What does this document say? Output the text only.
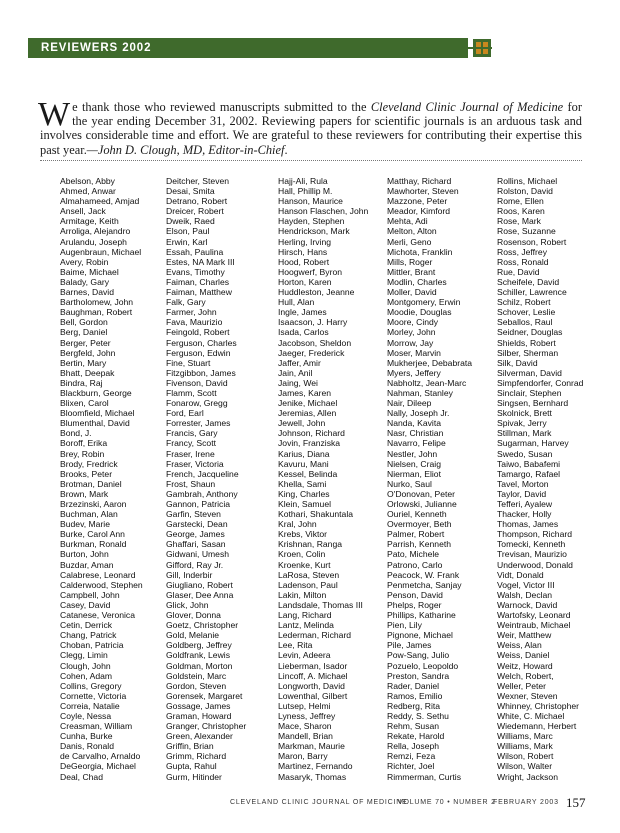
REVIEWERS 2002
We thank those who reviewed manuscripts submitted to the Cleveland Clinic Journal of Medicine for the year ending December 31, 2002. Reviewing papers for scientific journals is an arduous task and involves considerable time and effort. We are grateful to these reviewers for contributing their expertise this past year.—John D. Clough, MD, Editor-in-Chief.
Abelson, Abby
Ahmed, Anwar
Almahameed, Amjad
Ansell, Jack
Armitage, Keith
Arroliga, Alejandro
Arulandu, Joseph
Augenbraun, Michael
Avery, Robin
Baime, Michael
Balady, Gary
Barnes, David
Bartholomew, John
Baughman, Robert
Bell, Gordon
Berg, Daniel
Berger, Peter
Bergfeld, John
Bertin, Mary
Bhatt, Deepak
Bindra, Raj
Blackburn, George
Blixen, Carol
Bloomfield, Michael
Blumenthal, David
Bond, J.
Boroff, Erika
Brey, Robin
Brody, Fredrick
Brooks, Peter
Brotman, Daniel
Brown, Mark
Brzezinski, Aaron
Buchman, Alan
Budev, Marie
Burke, Carol Ann
Burkman, Ronald
Burton, John
Buzdar, Aman
Calabrese, Leonard
Calderwood, Stephen
Campbell, John
Casey, David
Catanese, Veronica
Cetin, Derrick
Chang, Patrick
Choban, Patricia
Clegg, Limin
Clough, John
Cohen, Adam
Collins, Gregory
Cornette, Victoria
Correia, Natalie
Coyle, Nessa
Creasman, William
Cunha, Burke
Danis, Ronald
de Carvalho, Arnaldo
DeGeorgia, Michael
Deal, Chad
Deitcher, Steven
Desai, Smita
Detrano, Robert
Dreicer, Robert
Dweik, Raed
Elson, Paul
Erwin, Karl
Essah, Paulina
Estes, NA Mark III
Evans, Timothy
Faiman, Charles
Faiman, Matthew
Falk, Gary
Farmer, John
Fava, Maurizio
Feingold, Robert
Ferguson, Charles
Ferguson, Edwin
Fine, Stuart
Fitzgibbon, James
Fivenson, David
Flamm, Scott
Fonarow, Gregg
Ford, Earl
Forrester, James
Francis, Gary
Francy, Scott
Fraser, Irene
Fraser, Victoria
French, Jacqueline
Frost, Shaun
Gambrah, Anthony
Gannon, Patricia
Garfin, Steven
Garstecki, Dean
George, James
Ghaffari, Sasan
Gidwani, Umesh
Gifford, Ray Jr.
Gill, Inderbir
Giugliano, Robert
Glaser, Dee Anna
Glick, John
Glover, Donna
Goetz, Christopher
Gold, Melanie
Goldberg, Jeffrey
Goldfrank, Lewis
Goldman, Morton
Goldstein, Marc
Gordon, Steven
Gorensek, Margaret
Gossage, James
Graman, Howard
Granger, Christopher
Green, Alexander
Griffin, Brian
Grimm, Richard
Gupta, Rahul
Gurm, Hitinder
Hajj-Ali, Rula
Hall, Phillip M.
Hanson, Maurice
Hanson Flaschen, John
Hayden, Stephen
Hendrickson, Mark
Herling, Irving
Hirsch, Hans
Hood, Robert
Hoogwerf, Byron
Horton, Karen
Huddleston, Jeanne
Hull, Alan
Ingle, James
Isaacson, J. Harry
Isada, Carlos
Jacobson, Sheldon
Jaeger, Frederick
Jaffer, Amir
Jain, Anil
Jaing, Wei
James, Karen
Jenike, Michael
Jeremias, Allen
Jewell, John
Johnson, Richard
Jovin, Franziska
Karius, Diana
Kavuru, Mani
Kessel, Belinda
Khella, Sami
King, Charles
Klein, Samuel
Kothari, Shakuntala
Kral, John
Krebs, Viktor
Krishnan, Ranga
Kroen, Colin
Kroenke, Kurt
LaRosa, Steven
Ladenson, Paul
Lakin, Milton
Landsdale, Thomas III
Lang, Richard
Lantz, Melinda
Lederman, Richard
Lee, Rita
Levin, Adeera
Lieberman, Isador
Lincoff, A. Michael
Longworth, David
Lowenthal, Gilbert
Lutsep, Helmi
Lyness, Jeffrey
Mace, Sharon
Mandell, Brian
Markman, Maurie
Maron, Barry
Martinez, Fernando
Masaryk, Thomas
Matthay, Richard
Mawhorter, Steven
Mazzone, Peter
Meador, Kimford
Mehta, Adi
Melton, Alton
Merli, Geno
Michota, Franklin
Mills, Roger
Mittler, Brant
Modlin, Charles
Moller, David
Montgomery, Erwin
Moodie, Douglas
Moore, Cindy
Morley, John
Morrow, Jay
Moser, Marvin
Mukherjee, Debabrata
Myers, Jeffery
Nabholtz, Jean-Marc
Nahman, Stanley
Nair, Dileep
Nally, Joseph Jr.
Nanda, Kavita
Nasr, Christian
Navarro, Felipe
Nestler, John
Nielsen, Craig
Nierman, Eliot
Nurko, Saul
O'Donovan, Peter
Orlowski, Julianne
Ouriel, Kenneth
Overmoyer, Beth
Palmer, Robert
Parrish, Kenneth
Pato, Michele
Patrono, Carlo
Peacock, W. Frank
Penmetcha, Sanjay
Penson, David
Phelps, Roger
Phillips, Katharine
Pien, Lily
Pignone, Michael
Pile, James
Pow-Sang, Julio
Pozuelo, Leopoldo
Preston, Sandra
Rader, Daniel
Ramos, Emilio
Redberg, Rita
Reddy, S. Sethu
Rehm, Susan
Rekate, Harold
Rella, Joseph
Remzi, Feza
Richter, Joel
Rimmerman, Curtis
Rollins, Michael
Rolston, David
Rome, Ellen
Roos, Karen
Rose, Mark
Rose, Suzanne
Rosenson, Robert
Ross, Jeffrey
Ross, Ronald
Rue, David
Scheifele, David
Schiller, Lawrence
Schilz, Robert
Schover, Leslie
Seballos, Raul
Seidner, Douglas
Shields, Robert
Silber, Sherman
Silk, David
Silverman, David
Simpfendorfer, Conrad
Sinclair, Stephen
Singsen, Bernhard
Skolnick, Brett
Spivak, Jerry
Stillman, Mark
Sugarman, Harvey
Swedo, Susan
Taiwo, Babafemi
Tamargo, Rafael
Tavel, Morton
Taylor, David
Tefferi, Ayalew
Thacker, Holly
Thomas, James
Thompson, Richard
Tomecki, Kenneth
Trevisan, Maurizio
Underwood, Donald
Vidt, Donald
Vogel, Victor III
Walsh, Declan
Warnock, David
Wartofsky, Leonard
Weintraub, Michael
Weir, Matthew
Weiss, Alan
Weiss, Daniel
Weitz, Howard
Welch, Robert,
Weller, Peter
Wexner, Steven
Whinney, Christopher
White, C. Michael
Wiedemann, Herbert
Williams, Marc
Williams, Mark
Wilson, Robert
Wilson, Walter
Wright, Jackson
CLEVELAND CLINIC JOURNAL OF MEDICINE
VOLUME 70 • NUMBER 2
FEBRUARY 2003 157
